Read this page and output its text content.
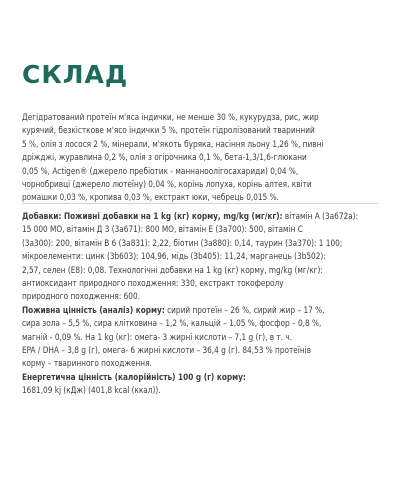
СКЛАД
Дегідратований протеїн м'яса індички, не менше 30 %, кукурудза, рис, жир
курячий, безкісткове м'ясо індички 5 %, протеїн гідролізований тваринний
5 %, олія з лосося 2 %, мінерали, м'якоть буряка, насіння льону 1,26 %, пивні
дріжджі, журавлина 0,2 %, олія з огірочника 0,1 %, бета-1,3/1,6-глюкани
0,05 %, Actigen® (джерело пребіотик - маннаноолігосахариди) 0,04 %,
чорнобривці (джерело лютеїну) 0,04 %, корінь лопуха, корінь алтея, квіти
ромашки 0,03 %, кропива 0,03 %, екстракт юки, чебрець 0,015 %.
Добавки: Поживні добавки на 1 kg (кг) корму, mg/kg (мг/кг): вітамін А (3а672а):
15 000 МО, вітамін Д 3 (3а671): 800 МО, вітамін Е (3а700): 500, вітамін С
(3а300): 200, вітамін В 6 (3а831): 2,22, біотин (3а880): 0,14, таурин (3а370): 1 100;
мікроелементи: цинк (3b603): 104,96, мідь (3b405): 11,24, марганець (3b502):
2,57, селен (E8): 0,08. Технологічні добавки на 1 kg (кг) корму, mg/kg (мг/кг):
антиоксидант природного походження: 330, екстракт токоферолу
природного походження: 600.
Поживна цінність (аналіз) корму: сирий протеїн – 26 %, сирий жир – 17 %,
сира зола – 5,5 %, сира клітковина – 1,2 %, кальцій – 1,05 %, фосфор – 0,8 %,
магній - 0,09 %. На 1 kg (кг): омега- 3 жирні кислоти – 7,1 g (г), в т. ч.
EPA / DHA – 3,8 g (г), омега- 6 жирні кислоти – 36,4 g (г). 84,53 % протеїнів
корму – тваринного походження.
Енергетична цінність (калорійність) 100 g (г) корму:
1681,09 kj (кДж) (401,8 kcal (ккал)).
